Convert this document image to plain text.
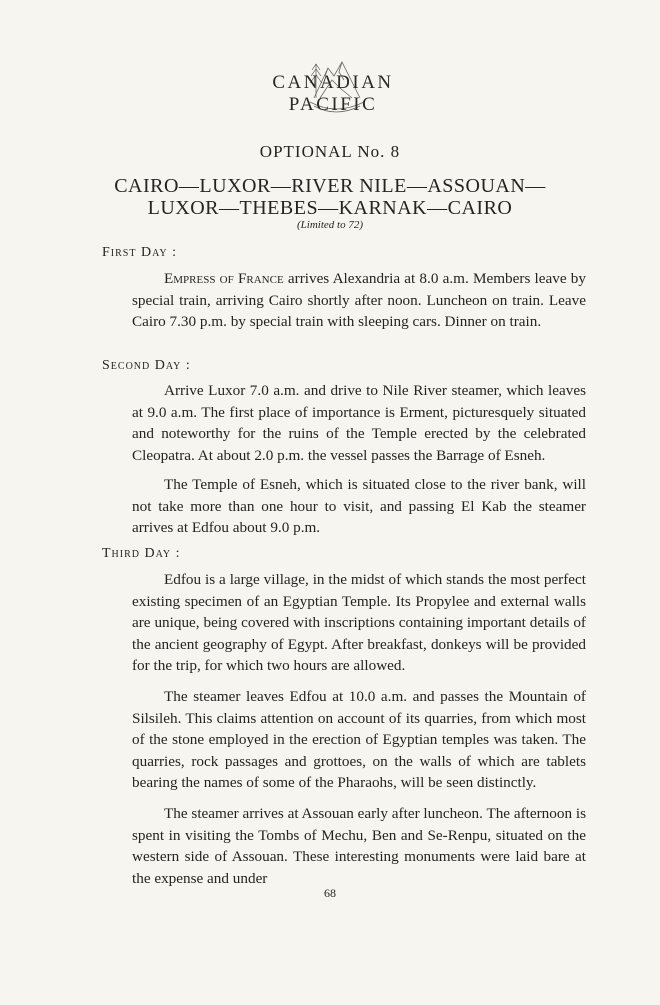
CANADIAN PACIFIC
OPTIONAL No. 8
CAIRO—LUXOR—RIVER NILE—ASSOUAN—
LUXOR—THEBES—KARNAK—CAIRO
(Limited to 72)
First Day :
Empress of France arrives Alexandria at 8.0 a.m. Members leave by special train, arriving Cairo shortly after noon. Luncheon on train. Leave Cairo 7.30 p.m. by special train with sleeping cars. Dinner on train.
Second Day :
Arrive Luxor 7.0 a.m. and drive to Nile River steamer, which leaves at 9.0 a.m. The first place of importance is Erment, picturesquely situated and noteworthy for the ruins of the Temple erected by the celebrated Cleopatra. At about 2.0 p.m. the vessel passes the Barrage of Esneh.
The Temple of Esneh, which is situated close to the river bank, will not take more than one hour to visit, and passing El Kab the steamer arrives at Edfou about 9.0 p.m.
Third Day :
Edfou is a large village, in the midst of which stands the most perfect existing specimen of an Egyptian Temple. Its Propylee and external walls are unique, being covered with inscriptions containing important details of the ancient geography of Egypt. After breakfast, donkeys will be provided for the trip, for which two hours are allowed.
The steamer leaves Edfou at 10.0 a.m. and passes the Mountain of Silsileh. This claims attention on account of its quarries, from which most of the stone employed in the erection of Egyptian temples was taken. The quarries, rock passages and grottoes, on the walls of which are tablets bearing the names of some of the Pharaohs, will be seen distinctly.
The steamer arrives at Assouan early after luncheon. The afternoon is spent in visiting the Tombs of Mechu, Ben and Se-Renpu, situated on the western side of Assouan. These interesting monuments were laid bare at the expense and under
68
